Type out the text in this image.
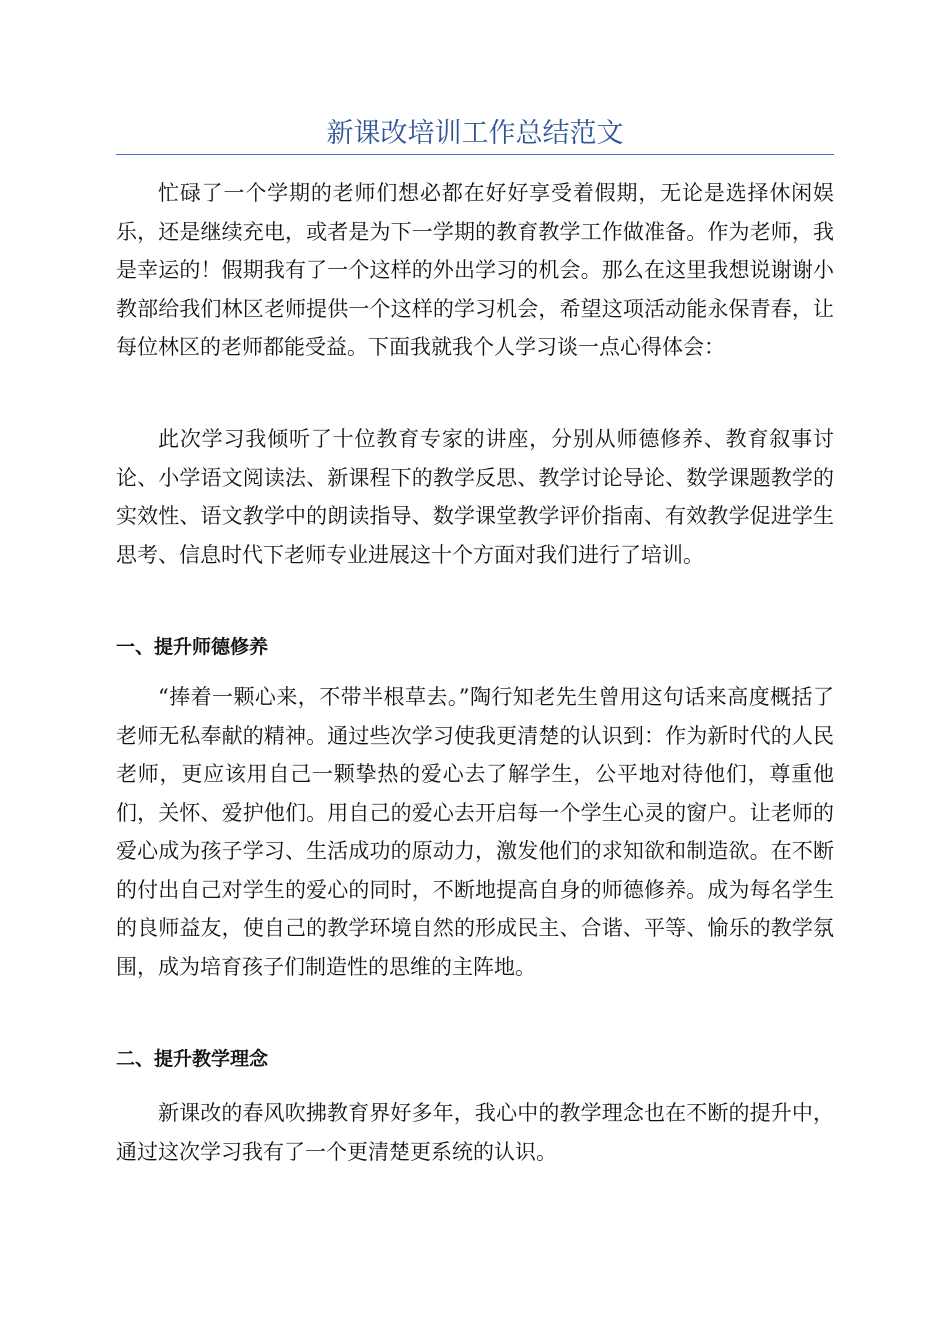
新课改培训工作总结范文

忙碌了一个学期的老师们想必都在好好享受着假期，无论是选择休闲娱乐，还是继续充电，或者是为下一学期的教育教学工作做准备。作为老师，我是幸运的！假期我有了一个这样的外出学习的机会。那么在这里我想说谢谢小教部给我们林区老师提供一个这样的学习机会，希望这项活动能永保青春，让每位林区的老师都能受益。下面我就我个人学习谈一点心得体会：

此次学习我倾听了十位教育专家的讲座，分别从师德修养、教育叙事讨论、小学语文阅读法、新课程下的教学反思、教学讨论导论、数学课题教学的实效性、语文教学中的朗读指导、数学课堂教学评价指南、有效教学促进学生思考、信息时代下老师专业进展这十个方面对我们进行了培训。

一、提升师德修养

“捧着一颗心来，不带半根草去。”陶行知老先生曾用这句话来高度概括了老师无私奉献的精神。通过些次学习使我更清楚的认识到：作为新时代的人民老师，更应该用自己一颗挚热的爱心去了解学生，公平地对待他们，尊重他们，关怀、爱护他们。用自己的爱心去开启每一个学生心灵的窗户。让老师的爱心成为孩子学习、生活成功的原动力，激发他们的求知欲和制造欲。在不断的付出自己对学生的爱心的同时，不断地提高自身的师德修养。成为每名学生的良师益友，使自己的教学环境自然的形成民主、合谐、平等、愉乐的教学氛围，成为培育孩子们制造性的思维的主阵地。

二、提升教学理念

新课改的春风吹拂教育界好多年，我心中的教学理念也在不断的提升中，通过这次学习我有了一个更清楚更系统的认识。
